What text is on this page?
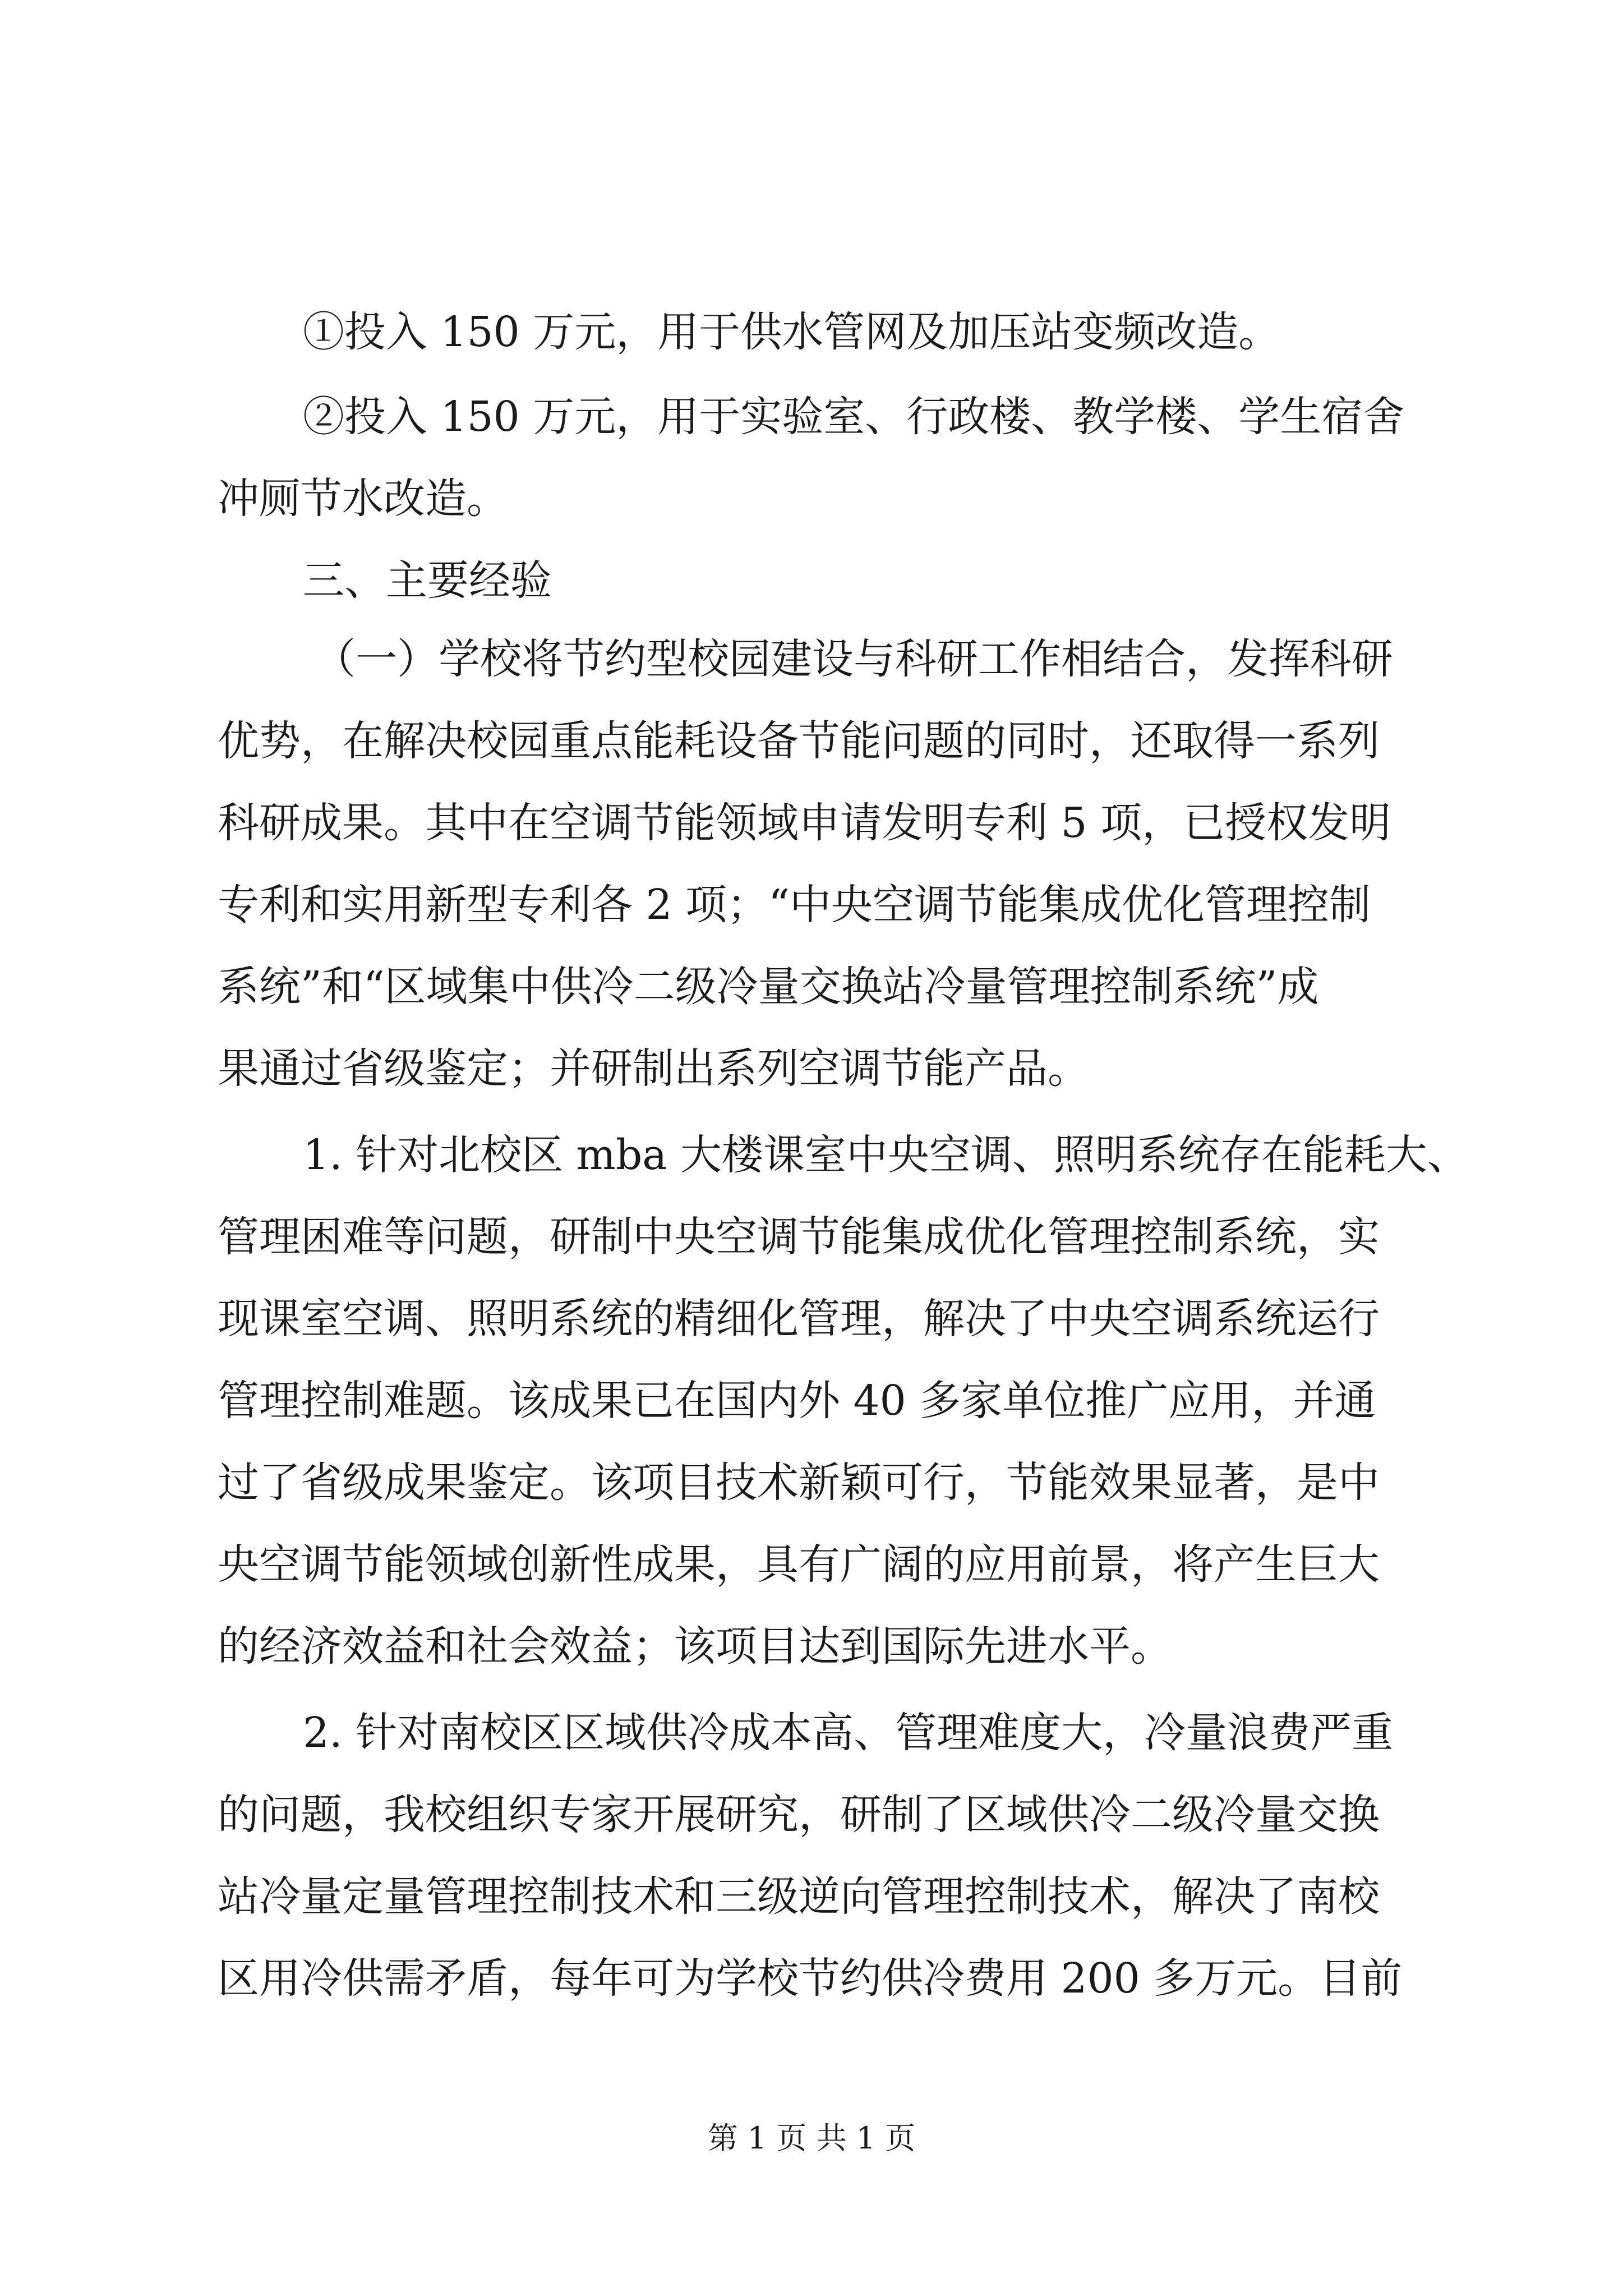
①投入 150 万元，用于供水管网及加压站变频改造。
②投入 150 万元，用于实验室、行政楼、教学楼、学生宿舍
冲厕节水改造。
三、主要经验
（一）学校将节约型校园建设与科研工作相结合，发挥科研
优势，在解决校园重点能耗设备节能问题的同时，还取得一系列
科研成果。其中在空调节能领域申请发明专利 5 项，已授权发明
专利和实用新型专利各 2 项；“中央空调节能集成优化管理控制
系统”和“区域集中供冷二级冷量交换站冷量管理控制系统”成
果通过省级鉴定；并研制出系列空调节能产品。
1. 针对北校区 mba 大楼课室中央空调、照明系统存在能耗大、
管理困难等问题，研制中央空调节能集成优化管理控制系统，实
现课室空调、照明系统的精细化管理，解决了中央空调系统运行
管理控制难题。该成果已在国内外 40 多家单位推广应用，并通
过了省级成果鉴定。该项目技术新颖可行，节能效果显著，是中
央空调节能领域创新性成果，具有广阔的应用前景，将产生巨大
的经济效益和社会效益；该项目达到国际先进水平。
2. 针对南校区区域供冷成本高、管理难度大，冷量浪费严重
的问题，我校组织专家开展研究，研制了区域供冷二级冷量交换
站冷量定量管理控制技术和三级逆向管理控制技术，解决了南校
区用冷供需矛盾，每年可为学校节约供冷费用 200 多万元。目前
第 1 页 共 1 页
